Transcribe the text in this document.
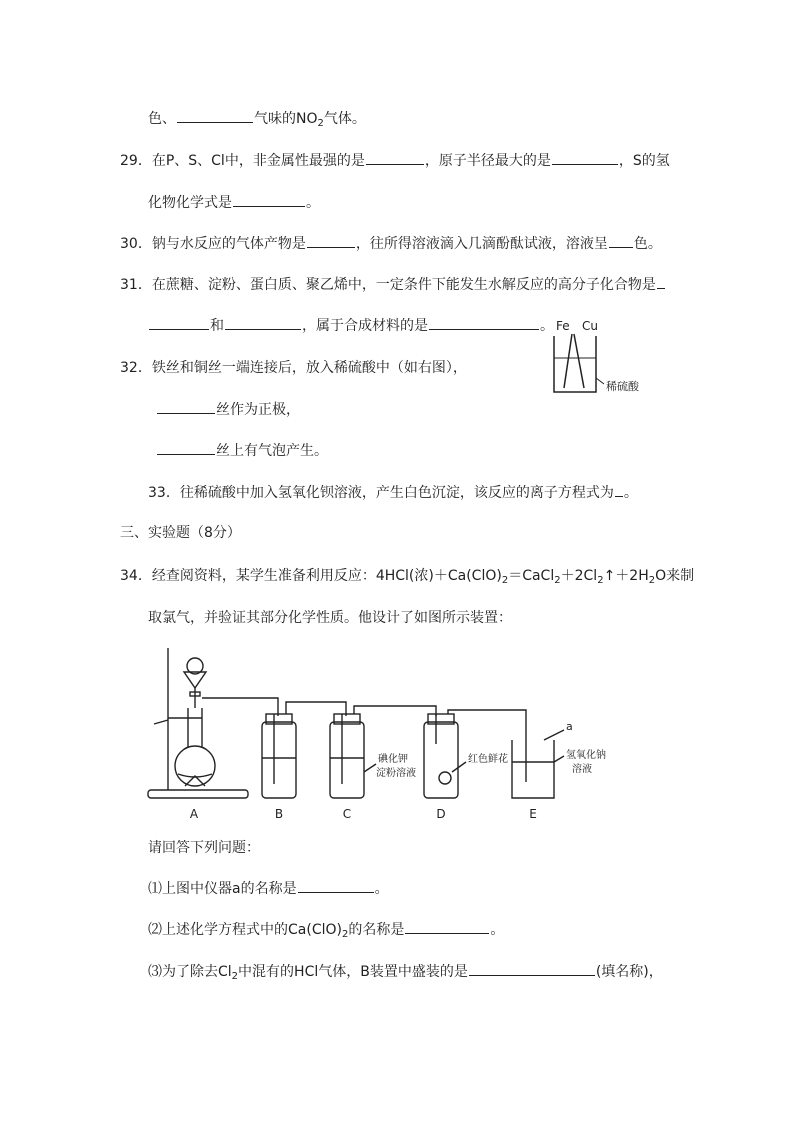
色、	气味的$NO_2$气体。
29．在P、S、Cl中，非金属性最强的是	，原子半径最大的是	，S的氢
化物化学式是	。
30．钠与水反应的气体产物是	，往所得溶液滴入几滴酚酞试液，溶液呈 色。
31．在蔗糖、淀粉、蛋白质、聚乙烯中，一定条件下能发生水解反应的高分子化合物是
和	，属于合成材料的是	。 Fe Cu
稀硫酸
32．铁丝和铜丝一端连接后，放入稀硫酸中（如右图），
丝作为正极，
丝上有气泡产生。
33．往稀硫酸中加入氢氧化钡溶液，产生白色沉淀，该反应的离子方程式为 。
三、实验题（8分）
34．经查阅资料，某学生准备利用反应：4HCl(浓)$+Ca(ClO)_2=CaCl_2+2Cl_2↑+2H_2O$来制
取氯气，并验证其部分化学性质。他设计了如图所示装置：
A	B	C	D	E
碘化钾
淀粉溶液
红色鲜花	氢氧化钠
溶液
a
请回答下列问题：
⑴上图中仪器a的名称是	。
⑵上述化学方程式中的$Ca(ClO)_2$的名称是	。
⑶为了除去$Cl_2$中混有的HCl气体，B装置中盛装的是	(填名称)，
